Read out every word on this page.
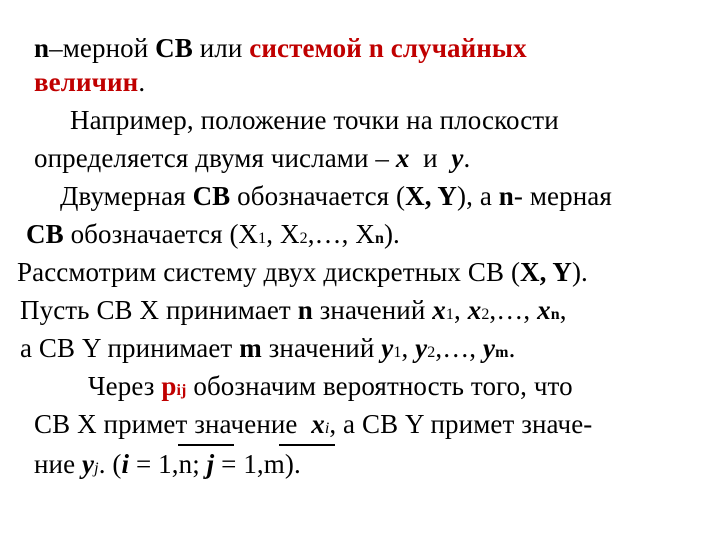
n–мерной СВ или системой n случайных
величин.
Например, положение точки на плоскости
определяется двумя числами – x и y.
Двумерная СВ обозначается (X, Y), а n- мерная
СВ обозначается (X1, X2,…, Xn).
Рассмотрим систему двух дискретных СВ (X, Y).
Пусть СВ X принимает n значений x1, x2,…, xn,
а СВ Y принимает m значений y1, y2,…, ym.
Через pij обозначим вероятность того, что
СВ X примет значение xi, а СВ Y примет значе-
ние yj. (i = 1,n; j = 1,m).
